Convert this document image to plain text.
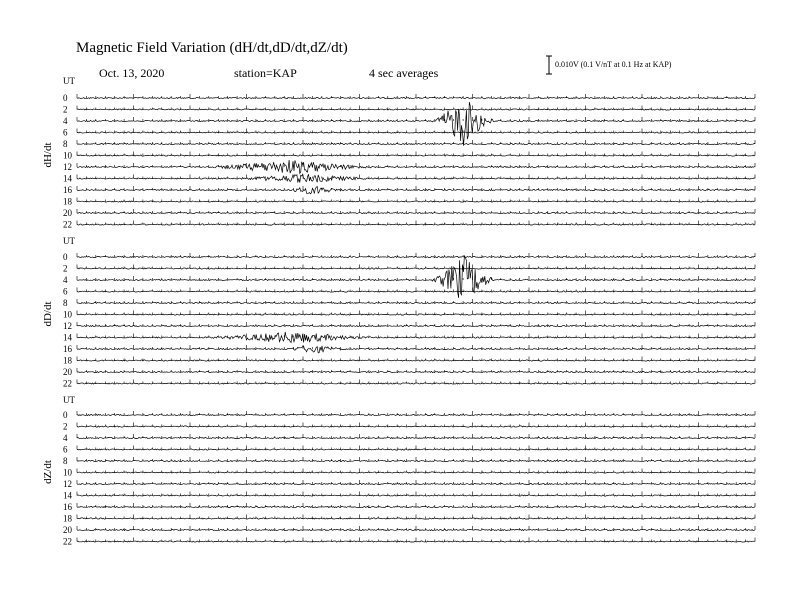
Magnetic Field Variation (dH/dt,dD/dt,dZ/dt)
Oct. 13, 2020	station=KAP	4 sec averages
0.010V (0.1 V/nT at 0.1 Hz at KAP)
UT
dH/dt
0
2
4
6
8
10
12
14
16
18
20
22
UT
dD/dt
0
2
4
6
8
10
12
14
16
18
20
22
UT
dZ/dt
0
2
4
6
8
10
12
14
16
18
20
22
